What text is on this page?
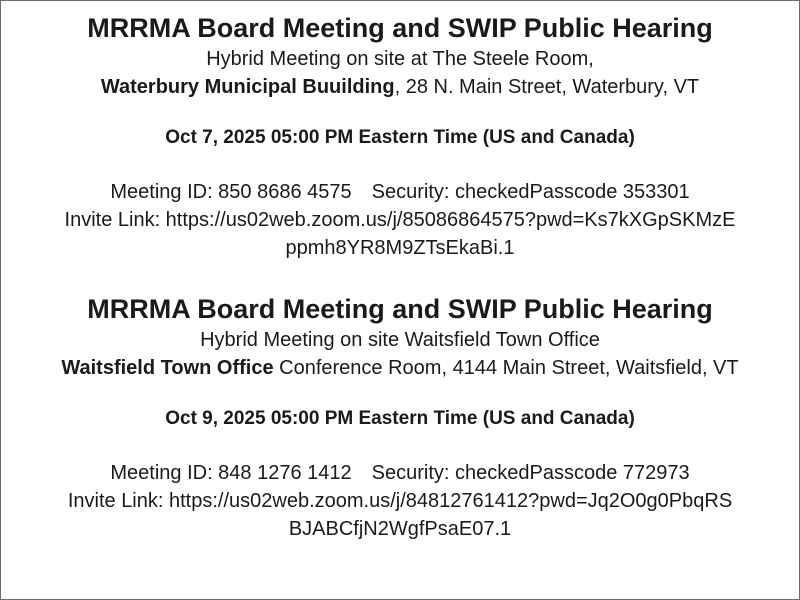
MRRMA Board Meeting and SWIP Public Hearing

Hybrid Meeting on site at The Steele Room,

Waterbury Municipal Buuilding, 28 N. Main Street, Waterbury, VT

Oct 7, 2025 05:00 PM Eastern Time (US and Canada)

Meeting ID: 850 8686 4575 Security: checkedPasscode 353301

Invite Link: https://us02web.zoom.us/j/85086864575?pwd=Ks7kXGpSKMzE
ppmh8YR8M9ZTsEkaBi.1

MRRMA Board Meeting and SWIP Public Hearing

Hybrid Meeting on site Waitsfield Town Office

Waitsfield Town Office Conference Room, 4144 Main Street, Waitsfield, VT

Oct 9, 2025 05:00 PM Eastern Time (US and Canada)

Meeting ID: 848 1276 1412 Security: checkedPasscode 772973

Invite Link: https://us02web.zoom.us/j/84812761412?pwd=Jq2O0g0PbqRS
BJABCfjN2WgfPsaE07.1
